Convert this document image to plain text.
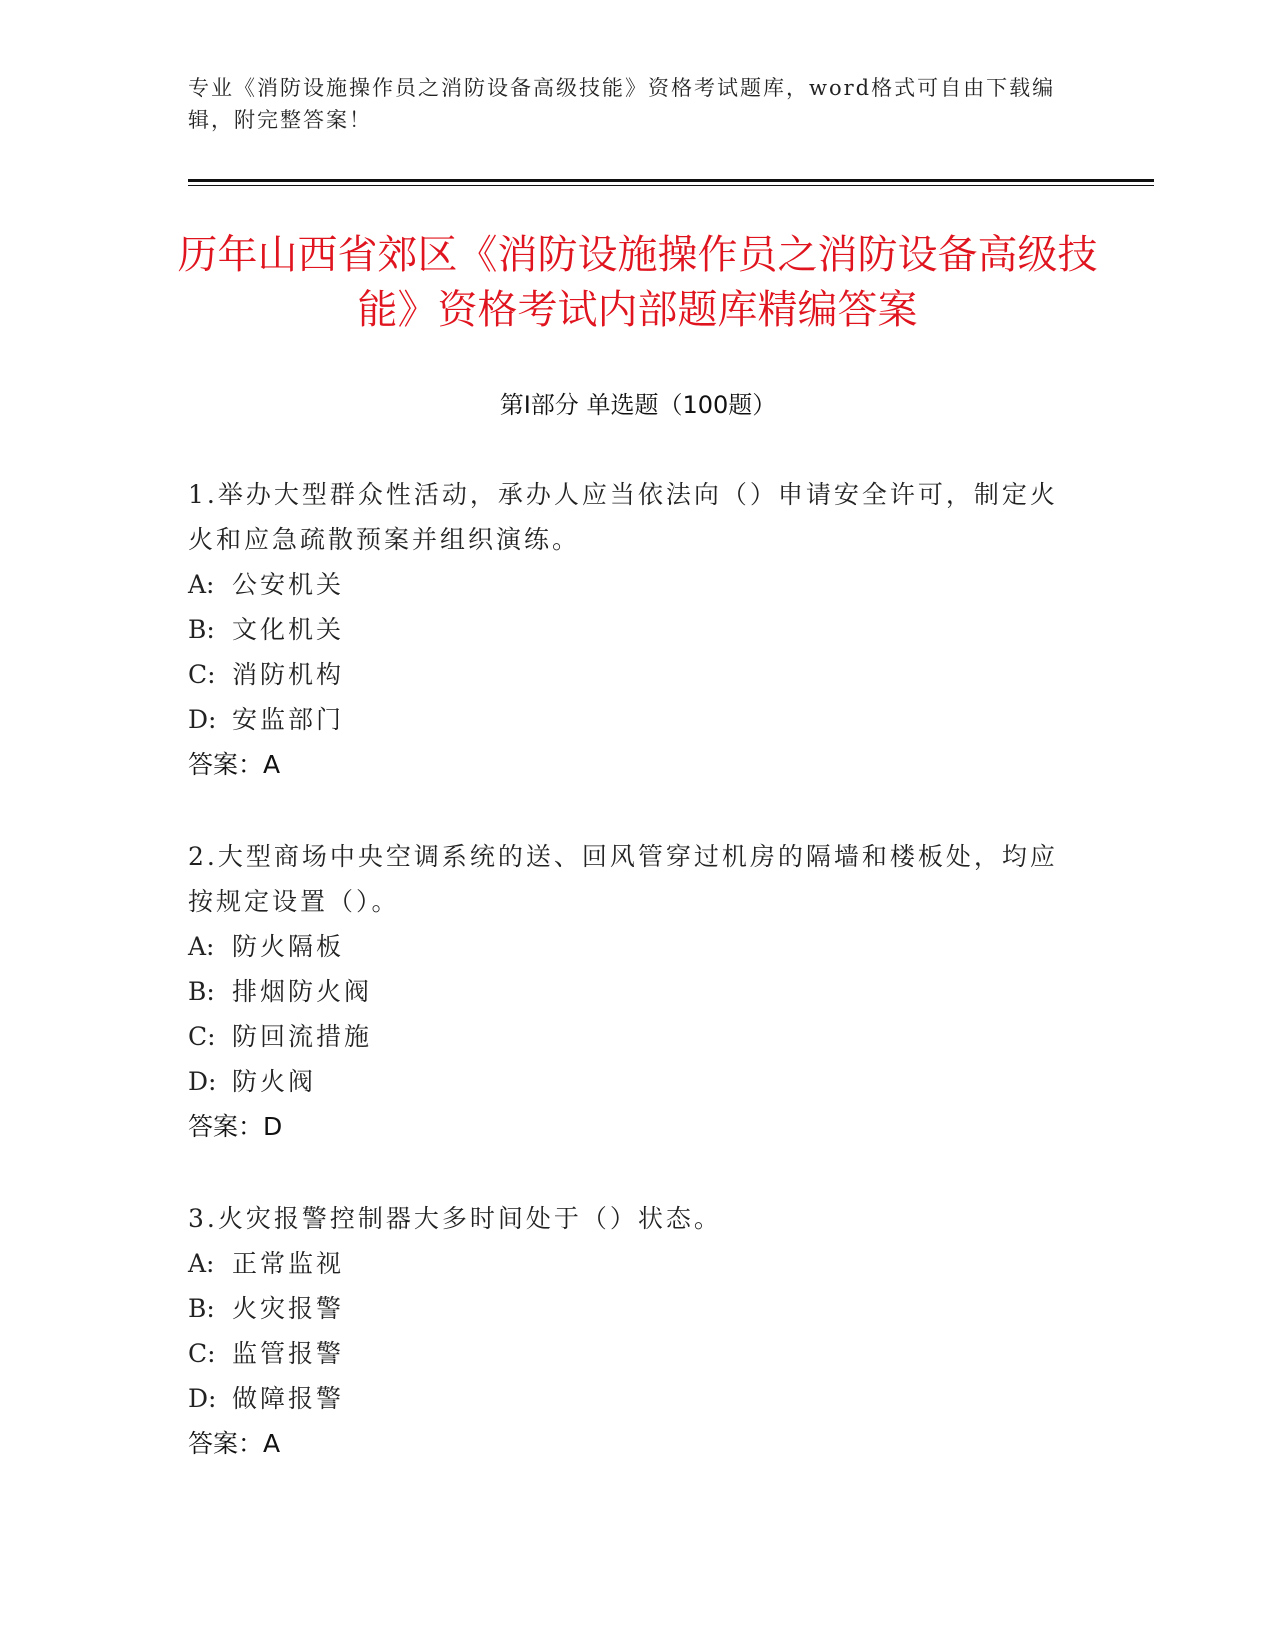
专业《消防设施操作员之消防设备高级技能》资格考试题库，word格式可自由下载编辑，附完整答案！
历年山西省郊区《消防设施操作员之消防设备高级技能》资格考试内部题库精编答案
第Ⅰ部分 单选题（100题）
1.举办大型群众性活动，承办人应当依法向（）申请安全许可，制定火火和应急疏散预案并组织演练。
A: 公安机关
B: 文化机关
C: 消防机构
D: 安监部门
答案：A
2.大型商场中央空调系统的送、回风管穿过机房的隔墙和楼板处，均应按规定设置（）。
A: 防火隔板
B: 排烟防火阀
C: 防回流措施
D: 防火阀
答案：D
3.火灾报警控制器大多时间处于（）状态。
A: 正常监视
B: 火灾报警
C: 监管报警
D: 做障报警
答案：A
